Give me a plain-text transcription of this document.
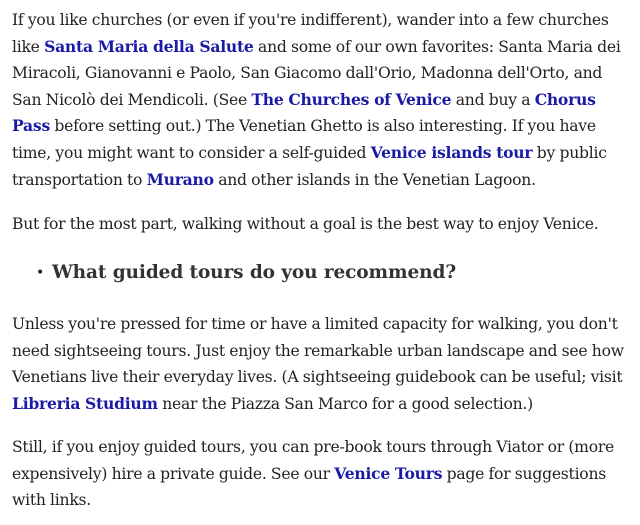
If you like churches (or even if you're indifferent), wander into a few churches like Santa Maria della Salute and some of our own favorites: Santa Maria dei Miracoli, Gianovanni e Paolo, San Giacomo dall'Orio, Madonna dell'Orto, and San Nicolò dei Mendicoli. (See The Churches of Venice and buy a Chorus Pass before setting out.) The Venetian Ghetto is also interesting. If you have time, you might want to consider a self-guided Venice islands tour by public transportation to Murano and other islands in the Venetian Lagoon.

But for the most part, walking without a goal is the best way to enjoy Venice.

• What guided tours do you recommend?

Unless you're pressed for time or have a limited capacity for walking, you don't need sightseeing tours. Just enjoy the remarkable urban landscape and see how Venetians live their everyday lives. (A sightseeing guidebook can be useful; visit Libreria Studium near the Piazza San Marco for a good selection.)

Still, if you enjoy guided tours, you can pre-book tours through Viator or (more expensively) hire a private guide. See our Venice Tours page for suggestions with links.
